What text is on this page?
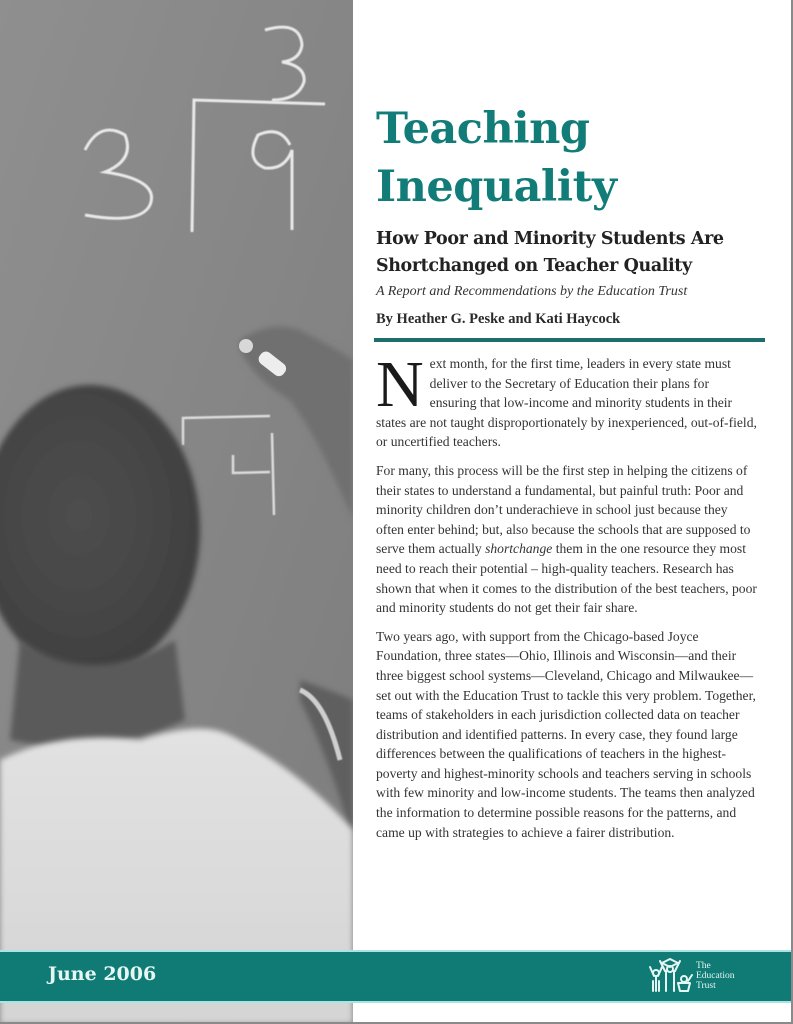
Teaching
Inequality
How Poor and Minority Students Are
Shortchanged on Teacher Quality
A Report and Recommendations by the Education Trust
By Heather G. Peske and Kati Haycock

Next month, for the first time, leaders in every state must deliver to the Secretary of Education their plans for ensuring that low-income and minority students in their states are not taught disproportionately by inexperienced, out-of-field, or uncertified teachers.

For many, this process will be the first step in helping the citizens of their states to understand a fundamental, but painful truth: Poor and minority children don’t underachieve in school just because they often enter behind; but, also because the schools that are supposed to serve them actually shortchange them in the one resource they most need to reach their potential – high-quality teachers. Research has shown that when it comes to the distribution of the best teachers, poor and minority students do not get their fair share.

Two years ago, with support from the Chicago-based Joyce Foundation, three states—Ohio, Illinois and Wisconsin—and their three biggest school systems—Cleveland, Chicago and Milwaukee—set out with the Education Trust to tackle this very problem. Together, teams of stakeholders in each jurisdiction collected data on teacher distribution and identified patterns. In every case, they found large differences between the qualifications of teachers in the highest-poverty and highest-minority schools and teachers serving in schools with few minority and low-income students. The teams then analyzed the information to determine possible reasons for the patterns, and came up with strategies to achieve a fairer distribution.

June 2006	The
Education
Trust
